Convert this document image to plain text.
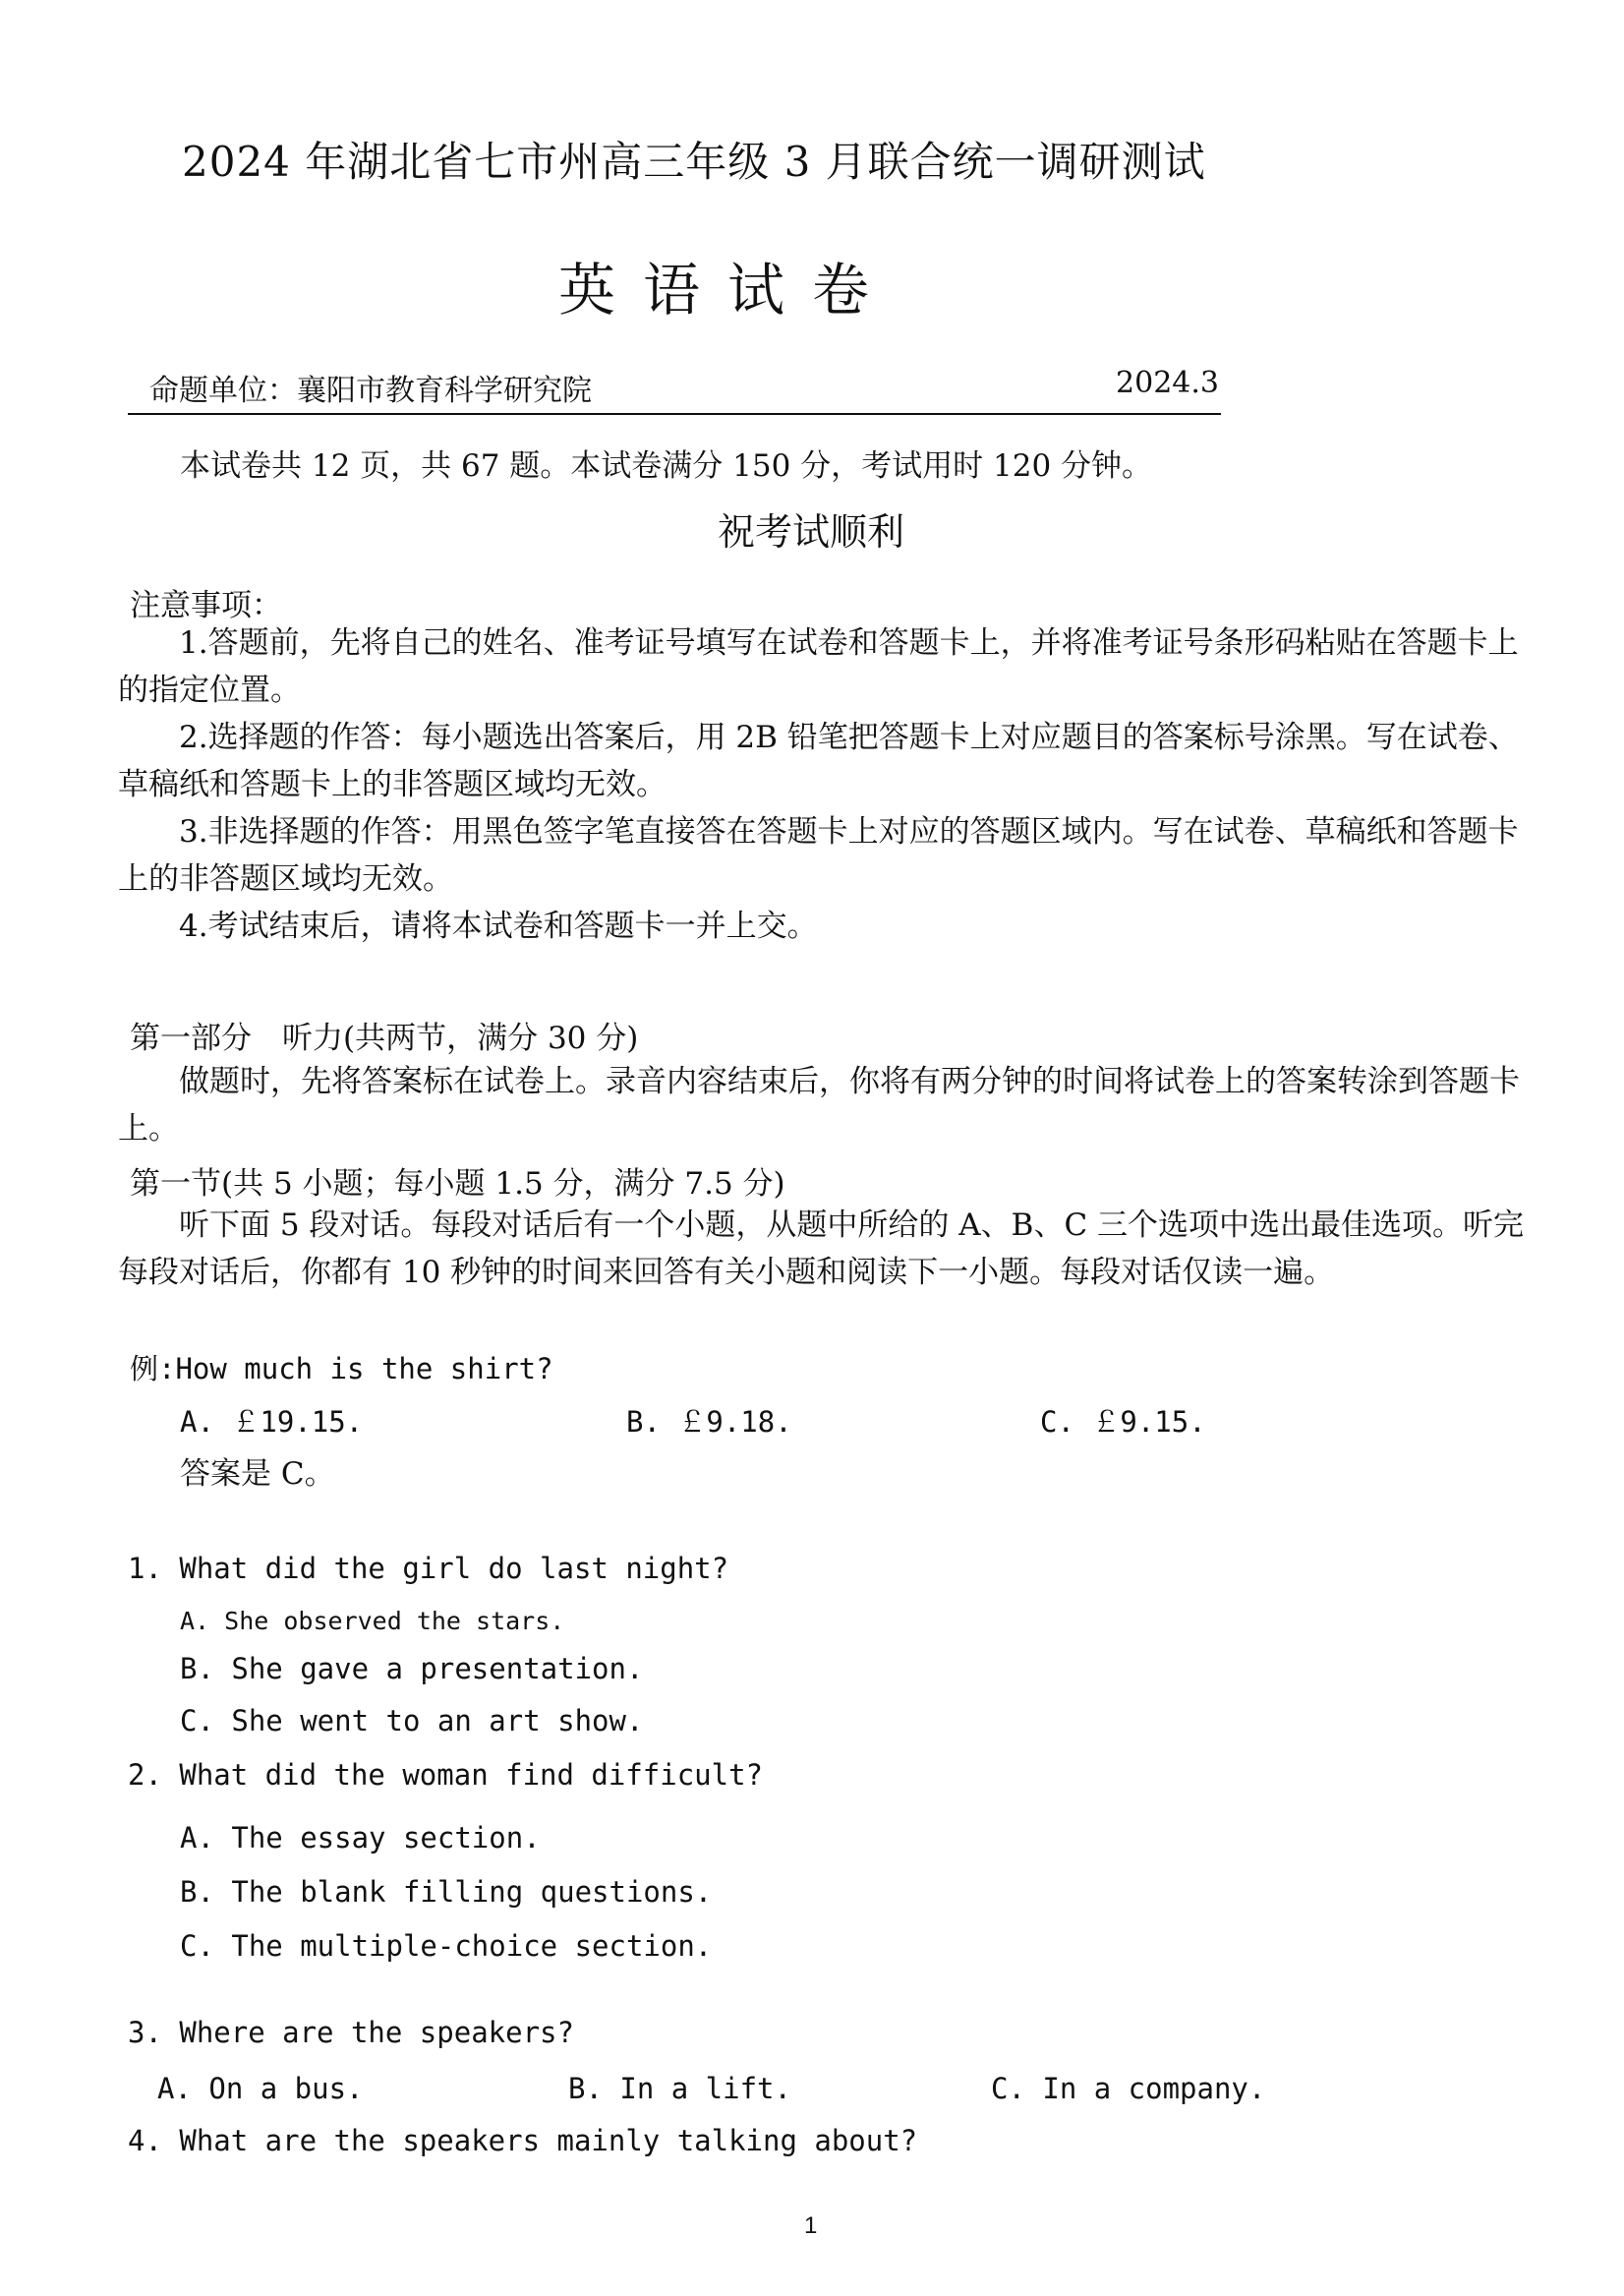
2024 年湖北省七市州高三年级 3 月联合统一调研测试
英语试卷
命题单位：襄阳市教育科学研究院	2024.3
本试卷共 12 页，共 67 题。本试卷满分 150 分，考试用时 120 分钟。
祝考试顺利
注意事项：
1.答题前，先将自己的姓名、准考证号填写在试卷和答题卡上，并将准考证号条形码粘贴在答题卡上的指定位置。
2.选择题的作答：每小题选出答案后，用 2B 铅笔把答题卡上对应题目的答案标号涂黑。写在试卷、草稿纸和答题卡上的非答题区域均无效。
3.非选择题的作答：用黑色签字笔直接答在答题卡上对应的答题区域内。写在试卷、草稿纸和答题卡上的非答题区域均无效。
4.考试结束后，请将本试卷和答题卡一并上交。
第一部分　听力(共两节，满分 30 分)
做题时，先将答案标在试卷上。录音内容结束后，你将有两分钟的时间将试卷上的答案转涂到答题卡上。
第一节(共 5 小题；每小题 1.5 分，满分 7.5 分)
听下面 5 段对话。每段对话后有一个小题，从题中所给的 A、B、C 三个选项中选出最佳选项。听完每段对话后，你都有 10 秒钟的时间来回答有关小题和阅读下一小题。每段对话仅读一遍。
例:How much is the shirt?
A. ￡19.15.	B. ￡9.18.	C. ￡9.15.
答案是 C。
1. What did the girl do last night?
A. She observed the stars.
B. She gave a presentation.
C. She went to an art show.
2. What did the woman find difficult?
A. The essay section.
B. The blank filling questions.
C. The multiple-choice section.
3. Where are the speakers?
A. On a bus.	B. In a lift.	C. In a company.
4. What are the speakers mainly talking about?
1
